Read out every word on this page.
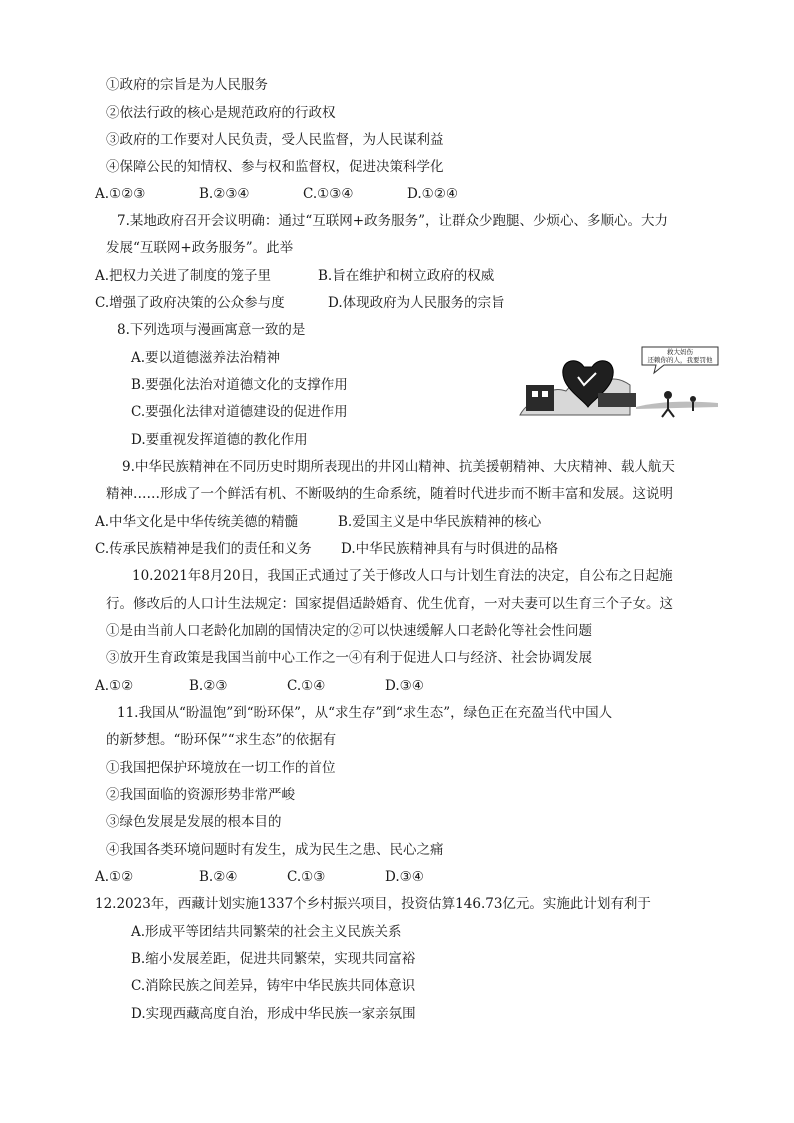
①政府的宗旨是为人民服务
②依法行政的核心是规范政府的行政权
③政府的工作要对人民负责，受人民监督，为人民谋利益
④保障公民的知情权、参与权和监督权，促进决策科学化
A.①②③	B.②③④	C.①③④	D.①②④
7.某地政府召开会议明确：通过“互联网+政务服务”，让群众少跑腿、少烦心、多顺心。大力
发展“互联网+政务服务”。此举
A.把权力关进了制度的笼子里	B.旨在维护和树立政府的权威
C.增强了政府决策的公众参与度	D.体现政府为人民服务的宗旨
8.下列选项与漫画寓意一致的是
A.要以道德滋养法治精神
B.要强化法治对道德文化的支撑作用
C.要强化法律对道德建设的促进作用
D.要重视发挥道德的教化作用
救大妈伤
还赖你的人，我要罚他
9.中华民族精神在不同历史时期所表现出的井冈山精神、抗美援朝精神、大庆精神、载人航天
精神……形成了一个鲜活有机、不断吸纳的生命系统，随着时代进步而不断丰富和发展。这说明
A.中华文化是中华传统美德的精髓	B.爱国主义是中华民族精神的核心
C.传承民族精神是我们的责任和义务 D.中华民族精神具有与时俱进的品格
10.2021年8月20日，我国正式通过了关于修改人口与计划生育法的决定，自公布之日起施
行。修改后的人口计生法规定：国家提倡适龄婚育、优生优育，一对夫妻可以生育三个子女。这
①是由当前人口老龄化加剧的国情决定的②可以快速缓解人口老龄化等社会性问题
③放开生育政策是我国当前中心工作之一④有利于促进人口与经济、社会协调发展
A.①②	B.②③	C.①④	D.③④
11.我国从“盼温饱”到“盼环保”，从“求生存”到“求生态”，绿色正在充盈当代中国人
的新梦想。“盼环保”“求生态”的依据有
①我国把保护环境放在一切工作的首位
②我国面临的资源形势非常严峻
③绿色发展是发展的根本目的
④我国各类环境问题时有发生，成为民生之患、民心之痛
A.①②	B.②④	C.①③	D.③④
12.2023年，西藏计划实施1337个乡村振兴项目，投资估算146.73亿元。实施此计划有利于
A.形成平等团结共同繁荣的社会主义民族关系
B.缩小发展差距，促进共同繁荣，实现共同富裕
C.消除民族之间差异，铸牢中华民族共同体意识
D.实现西藏高度自治，形成中华民族一家亲氛围
